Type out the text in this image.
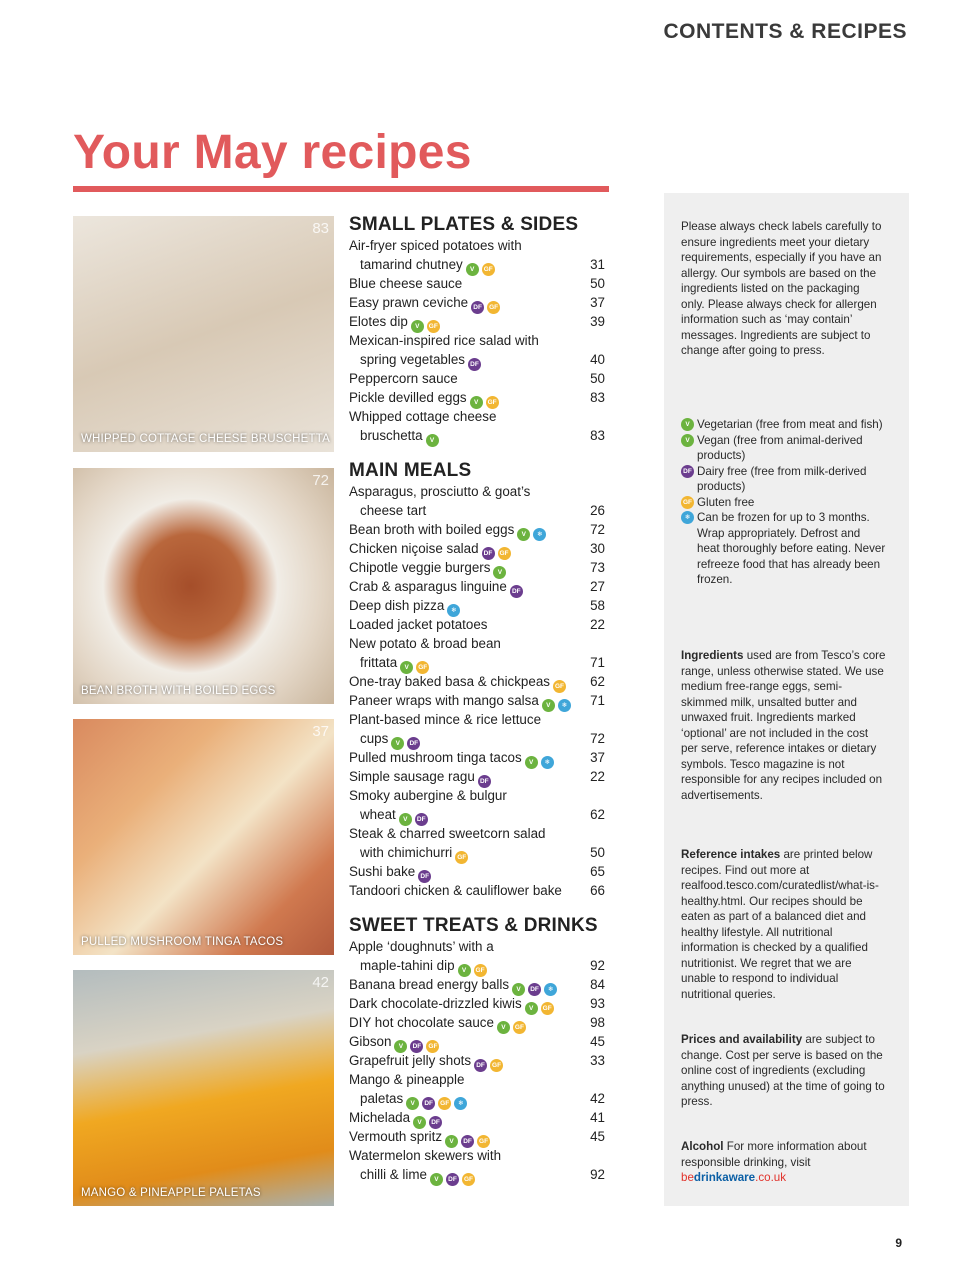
CONTENTS & RECIPES
Your May recipes
83
WHIPPED COTTAGE CHEESE BRUSCHETTA
72
BEAN BROTH WITH BOILED EGGS
37
PULLED MUSHROOM TINGA TACOS
42
MANGO & PINEAPPLE PALETAS
SMALL PLATES & SIDES
Air-fryer spiced potatoes with
tamarind chutney V GF	31
Blue cheese sauce	50
Easy prawn ceviche DF GF	37
Elotes dip V GF	39
Mexican-inspired rice salad with
spring vegetables DF	40
Peppercorn sauce	50
Pickle devilled eggs V GF	83
Whipped cottage cheese
bruschetta V	83
MAIN MEALS
Asparagus, prosciutto & goat’s
cheese tart	26
Bean broth with boiled eggs V ❄	72
Chicken niçoise salad DF GF	30
Chipotle veggie burgers V	73
Crab & asparagus linguine DF	27
Deep dish pizza ❄	58
Loaded jacket potatoes	22
New potato & broad bean
frittata V GF	71
One-tray baked basa & chickpeas GF 62
Paneer wraps with mango salsa V ❄ 71
Plant-based mince & rice lettuce
cups V DF	72
Pulled mushroom tinga tacos V ❄	37
Simple sausage ragu DF	22
Smoky aubergine & bulgur
wheat V DF	62
Steak & charred sweetcorn salad
with chimichurri GF	50
Sushi bake DF	65
Tandoori chicken & cauliflower bake 66
SWEET TREATS & DRINKS
Apple ‘doughnuts’ with a
maple-tahini dip V GF	92
Banana bread energy balls V DF ❄	84
Dark chocolate-drizzled kiwis V GF	93
DIY hot chocolate sauce V GF	98
Gibson V DF GF	45
Grapefruit jelly shots DF GF	33
Mango & pineapple
paletas V DF GF ❄	42
Michelada V DF	41
Vermouth spritz V DF GF	45
Watermelon skewers with
chilli & lime V DF GF	92

Please always check labels carefully to ensure ingredients meet your dietary requirements, especially if you have an allergy. Our symbols are based on the ingredients listed on the packaging only. Please always check for allergen information such as ‘may contain’ messages. Ingredients are subject to change after going to press.

V Vegetarian (free from meat and fish)
V Vegan (free from animal-derived products)
DF Dairy free (free from milk-derived products)
GF Gluten free
❄ Can be frozen for up to 3 months. Wrap appropriately. Defrost and heat thoroughly before eating. Never refreeze food that has already been frozen.

Ingredients used are from Tesco’s core range, unless otherwise stated. We use medium free-range eggs, semi-skimmed milk, unsalted butter and unwaxed fruit. Ingredients marked ‘optional’ are not included in the cost per serve, reference intakes or dietary symbols. Tesco magazine is not responsible for any recipes included on advertisements.

Reference intakes are printed below recipes. Find out more at realfood.tesco.com/curatedlist/what-is-healthy.html. Our recipes should be eaten as part of a balanced diet and healthy lifestyle. All nutritional information is checked by a qualified nutritionist. We regret that we are unable to respond to individual nutritional queries.

Prices and availability are subject to change. Cost per serve is based on the online cost of ingredients (excluding anything unused) at the time of going to press.

Alcohol For more information about responsible drinking, visit
bedrinkaware.co.uk

9
